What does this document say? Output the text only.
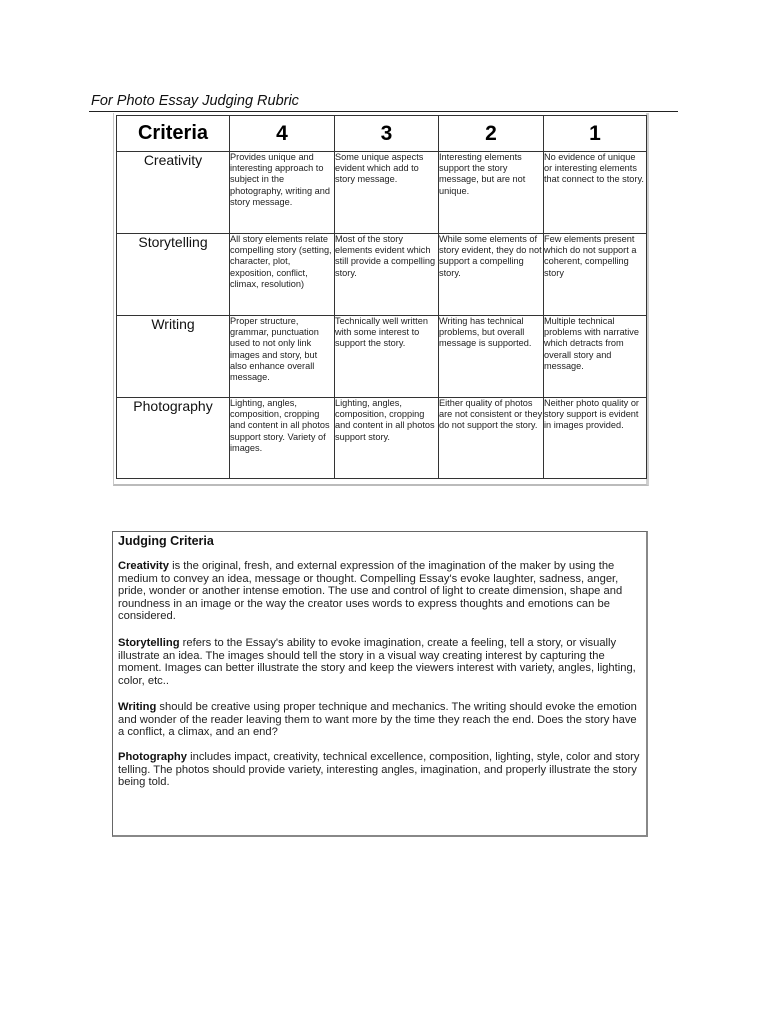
For Photo Essay Judging Rubric
Criteria	4	3	2	1
Creativity	Provides unique and interesting approach to subject in the photography, writing and story message.	Some unique aspects evident which add to story message.	Interesting elements support the story message, but are not unique.	No evidence of unique or interesting elements that connect to the story.
Storytelling	All story elements relate compelling story (setting, character, plot, exposition, conflict, climax, resolution)	Most of the story elements evident which still provide a compelling story.	While some elements of story evident, they do not support a compelling story.	Few elements present which do not support a coherent, compelling story
Writing	Proper structure, grammar, punctuation used to not only link images and story, but also enhance overall message.	Technically well written with some interest to support the story.	Writing has technical problems, but overall message is supported.	Multiple technical problems with narrative which detracts from overall story and message.
Photography	Lighting, angles, composition, cropping and content in all photos support story. Variety of images.	Lighting, angles, composition, cropping and content in all photos support story.	Either quality of photos are not consistent or they do not support the story.	Neither photo quality or story support is evident in images provided.
Judging Criteria
Creativity is the original, fresh, and external expression of the imagination of the maker by using the medium to convey an idea, message or thought. Compelling Essay's evoke laughter, sadness, anger, pride, wonder or another intense emotion. The use and control of light to create dimension, shape and roundness in an image or the way the creator uses words to express thoughts and emotions can be considered.
Storytelling refers to the Essay's ability to evoke imagination, create a feeling, tell a story, or visually illustrate an idea. The images should tell the story in a visual way creating interest by capturing the moment. Images can better illustrate the story and keep the viewers interest with variety, angles, lighting, color, etc..
Writing should be creative using proper technique and mechanics. The writing should evoke the emotion and wonder of the reader leaving them to want more by the time they reach the end. Does the story have a conflict, a climax, and an end?
Photography includes impact, creativity, technical excellence, composition, lighting, style, color and story telling. The photos should provide variety, interesting angles, imagination, and properly illustrate the story being told.
